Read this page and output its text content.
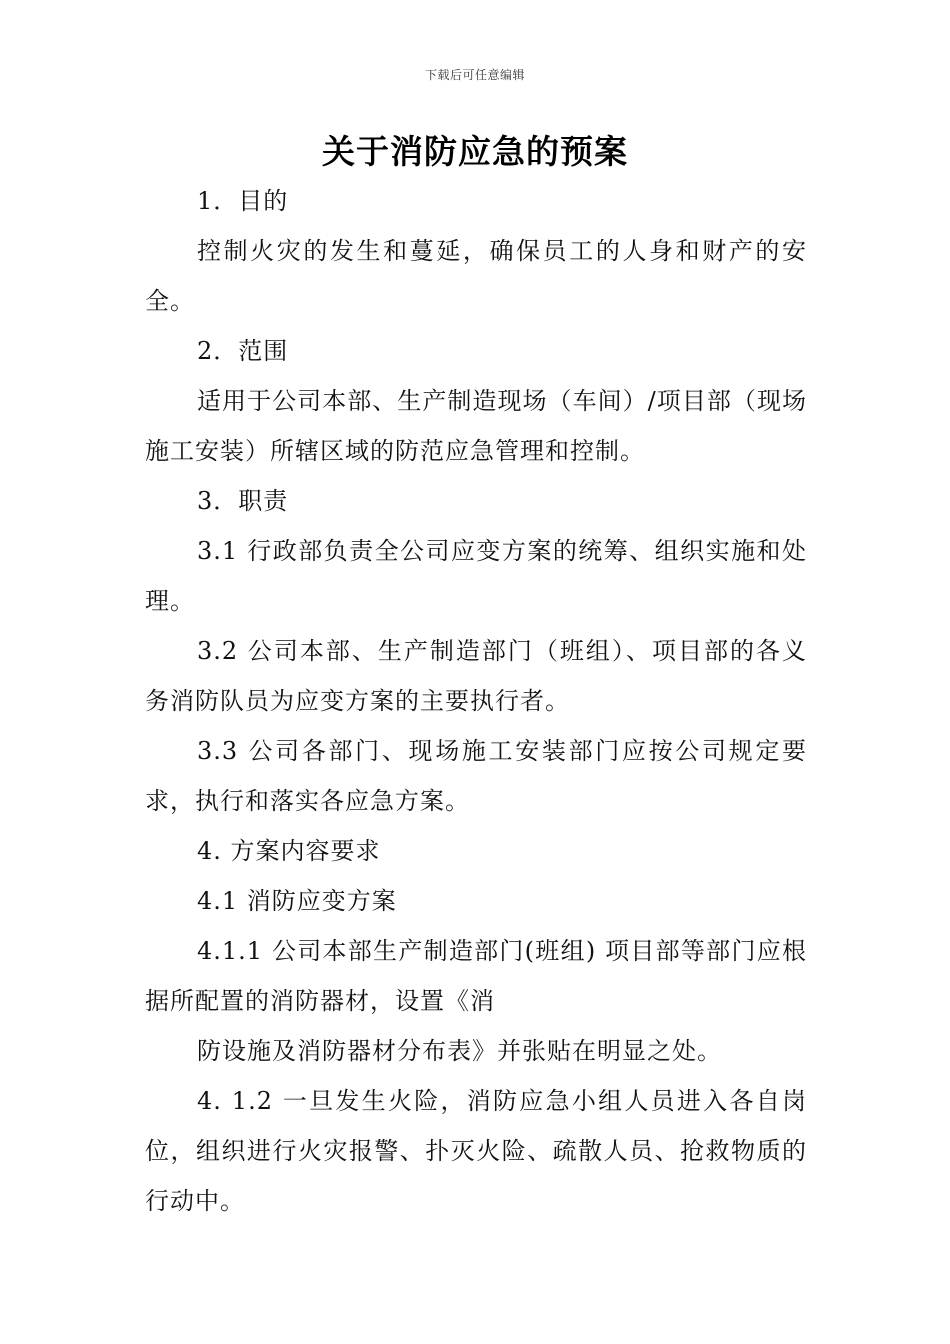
下载后可任意编辑
关于消防应急的预案

1．目的

控制火灾的发生和蔓延，确保员工的人身和财产的安全。

2．范围

适用于公司本部、生产制造现场（车间）/项目部（现场施工安装）所辖区域的防范应急管理和控制。

3．职责

3.1 行政部负责全公司应变方案的统筹、组织实施和处理。

3.2 公司本部、生产制造部门（班组）、项目部的各义务消防队员为应变方案的主要执行者。

3.3 公司各部门、现场施工安装部门应按公司规定要求，执行和落实各应急方案。

4. 方案内容要求

4.1 消防应变方案

4.1.1 公司本部生产制造部门(班组) 项目部等部门应根据所配置的消防器材，设置《消

防设施及消防器材分布表》并张贴在明显之处。

4. 1.2 一旦发生火险，消防应急小组人员进入各自岗位，组织进行火灾报警、扑灭火险、疏散人员、抢救物质的行动中。
